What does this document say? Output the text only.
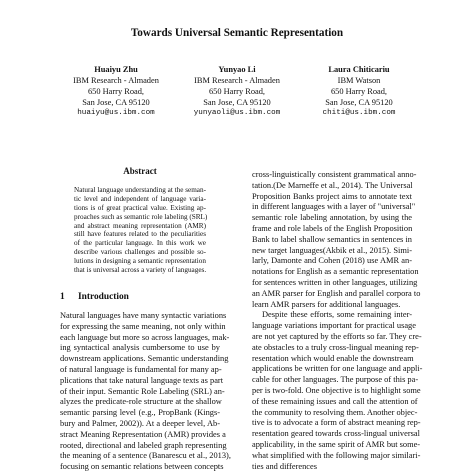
Towards Universal Semantic Representation
Huaiyu Zhu
IBM Research - Almaden
650 Harry Road,
San Jose, CA 95120
huaiyu@us.ibm.com
Yunyao Li
IBM Research - Almaden
650 Harry Road,
San Jose, CA 95120
yunyaoli@us.ibm.com
Laura Chiticariu
IBM Watson
650 Harry Road,
San Jose, CA 95120
chiti@us.ibm.com
Abstract
Natural language understanding at the seman-
tic level and independent of language varia-
tions is of great practical value. Existing ap-
proaches such as semantic role labeling (SRL)
and abstract meaning representation (AMR)
still have features related to the peculiarities
of the particular language. In this work we
describe various challenges and possible so-
lutions in designing a semantic representation
that is universal across a variety of languages.
1 Introduction
Natural languages have many syntactic variations
for expressing the same meaning, not only within
each language but more so across languages, mak-
ing syntactical analysis cumbersome to use by
downstream applications. Semantic understanding
of natural language is fundamental for many ap-
plications that take natural language texts as part
of their input. Semantic Role Labeling (SRL) an-
alyzes the predicate-role structure at the shallow
semantic parsing level (e.g., PropBank (Kings-
bury and Palmer, 2002)). At a deeper level, Ab-
stract Meaning Representation (AMR) provides a
rooted, directional and labeled graph representing
the meaning of a sentence (Banarescu et al., 2013),
focusing on semantic relations between concepts
cross-linguistically consistent grammatical anno-
tation.(De Marneffe et al., 2014). The Universal
Proposition Banks project aims to annotate text
in different languages with a layer of "universal"
semantic role labeling annotation, by using the
frame and role labels of the English Proposition
Bank to label shallow semantics in sentences in
new target languages(Akbik et al., 2015). Simi-
larly, Damonte and Cohen (2018) use AMR an-
notations for English as a semantic representation
for sentences written in other languages, utilizing
an AMR parser for English and parallel corpora to
learn AMR parsers for additional languages.
Despite these efforts, some remaining inter-
language variations important for practical usage
are not yet captured by the efforts so far. They cre-
ate obstacles to a truly cross-lingual meaning rep-
resentation which would enable the downstream
applications be written for one language and appli-
cable for other languages. The purpose of this pa-
per is two-fold. One objective is to highlight some
of these remaining issues and call the attention of
the community to resolving them. Another objec-
tive is to advocate a form of abstract meaning rep-
resentation geared towards cross-lingual universal
applicability, in the same spirit of AMR but some-
what simplified with the following major similari-
ties and differences
